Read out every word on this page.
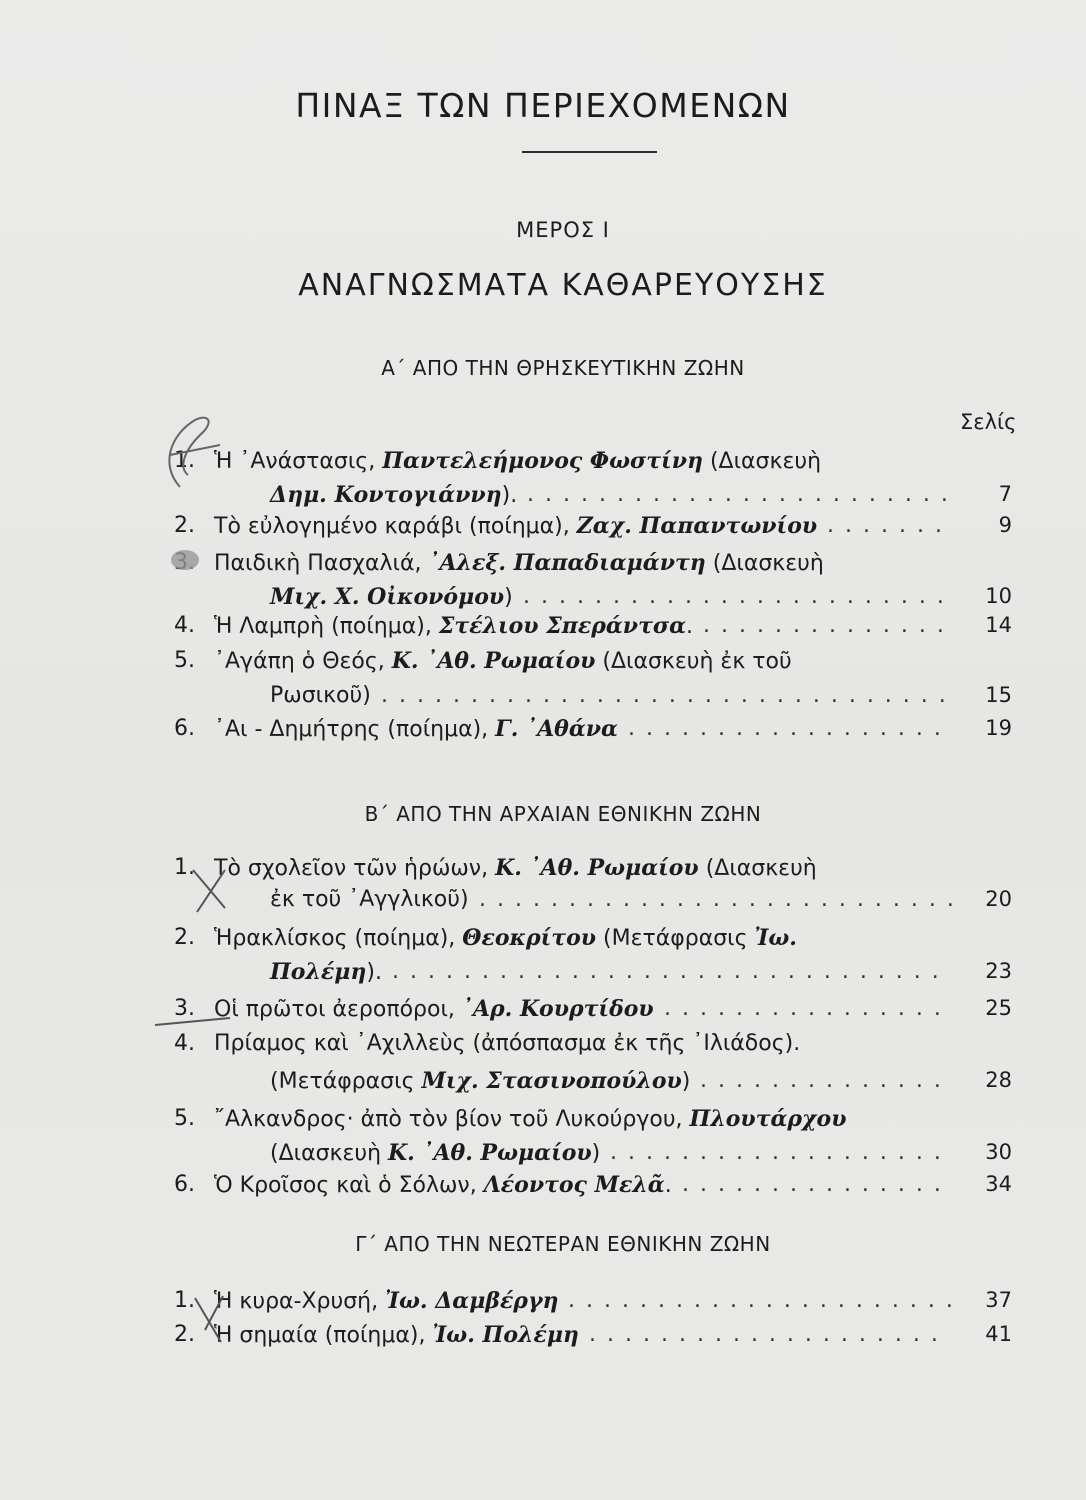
ΠΙΝΑΞ ΤΩΝ ΠΕΡΙΕΧΟΜΕΝΩΝ
ΜΕΡΟΣ Ι
ΑΝΑΓΝΩΣΜΑΤΑ ΚΑΘΑΡΕΥΟΥΣΗΣ
Α΄ ΑΠΟ ΤΗΝ ΘΡΗΣΚΕΥΤΙΚΗΝ ΖΩΗΝ
Σελίς
Β΄ ΑΠΟ ΤΗΝ ΑΡΧΑΙΑΝ ΕΘΝΙΚΗΝ ΖΩΗΝ
Γ΄ ΑΠΟ ΤΗΝ ΝΕΩΤΕΡΑΝ ΕΘΝΙΚΗΝ ΖΩΗΝ
1. Ἡ ᾿Ανάστασις, Παντελεήμονος Φωστίνη (Διασκευὴ
Δημ. Κοντογιάννη).	7
........................
2. Τὸ εὐλογημένο καράβι (ποίημα), Ζαχ. Παπαντωνίου	9
.......
Παιδικὴ Πασχαλιά, ᾿Αλεξ. Παπαδιαμάντη (Διασκευὴ
Μιχ. Χ. Οἰκονόμου)	10
........................
4. Ἡ Λαμπρὴ (ποίημα), Στέλιου Σπεράντσα.	14
..............
5. ᾿Αγάπη ὁ Θεός, Κ. ᾿Αθ. Ρωμαίου (Διασκευὴ ἐκ τοῦ
Ρωσικοῦ)	15
................................
6. ᾿Αι - Δημήτρης (ποίημα), Γ. ᾿Αθάνα	19
..................
1. Τὸ σχολεῖον τῶν ἡρώων, Κ. ᾿Αθ. Ρωμαίου (Διασκευὴ
ἐκ τοῦ ᾿Αγγλικοῦ)	20
...........................
2. Ἡρακλίσκος (ποίημα), Θεοκρίτου (Μετάφρασις Ἰω.
Πολέμη).	23
...............................
3. Οἱ πρῶτοι ἀεροπόροι, ᾿Αρ. Κουρτίδου	25
................
4. Πρίαμος καὶ ᾿Αχιλλεὺς (ἀπόσπασμα ἐκ τῆς ᾿Ιλιάδος).
(Μετάφρασις Μιχ. Στασινοπούλου)	28
..............
5. ῎Αλκανδρος· ἀπὸ τὸν βίον τοῦ Λυκούργου, Πλουτάρχου
(Διασκευὴ Κ. ᾿Αθ. Ρωμαίου)	30
...................
6. Ὁ Κροῖσος καὶ ὁ Σόλων, Λέοντος Μελᾶ.	34
...............
1. Ἡ κυρα-Χρυσή, Ἰω. Δαμβέργη	37
......................
2. Ἡ σημαία (ποίημα), Ἰω. Πολέμη	41
....................
